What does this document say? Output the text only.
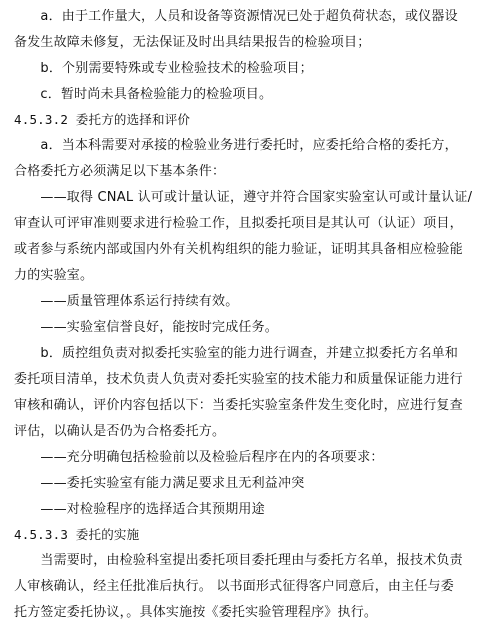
　　a．由于工作量大，人员和设备等资源情况已处于超负荷状态，或仪器设
备发生故障未修复，无法保证及时出具结果报告的检验项目；
　　b．个别需要特殊或专业检验技术的检验项目；
　　c．暂时尚未具备检验能力的检验项目。
4.5.3.2 委托方的选择和评价
　　a．当本科需要对承接的检验业务进行委托时，应委托给合格的委托方，
合格委托方必须满足以下基本条件：
　　——取得 CNAL 认可或计量认证，遵守并符合国家实验室认可或计量认证/
审查认可评审准则要求进行检验工作，且拟委托项目是其认可（认证）项目，
或者参与系统内部或国内外有关机构组织的能力验证，证明其具备相应检验能
力的实验室。
　　——质量管理体系运行持续有效。
　　——实验室信誉良好，能按时完成任务。
　　b．质控组负责对拟委托实验室的能力进行调查，并建立拟委托方名单和
委托项目清单，技术负责人负责对委托实验室的技术能力和质量保证能力进行
审核和确认，评价内容包括以下：当委托实验室条件发生变化时，应进行复查
评估，以确认是否仍为合格委托方。
　　——充分明确包括检验前以及检验后程序在内的各项要求：
　　——委托实验室有能力满足要求且无利益冲突
　　——对检验程序的选择适合其预期用途
4.5.3.3 委托的实施
　　当需要时，由检验科室提出委托项目委托理由与委托方名单，报技术负责
人审核确认，经主任批准后执行。 以书面形式征得客户同意后，由主任与委
托方签定委托协议，。具体实施按《委托实验管理程序》执行。
